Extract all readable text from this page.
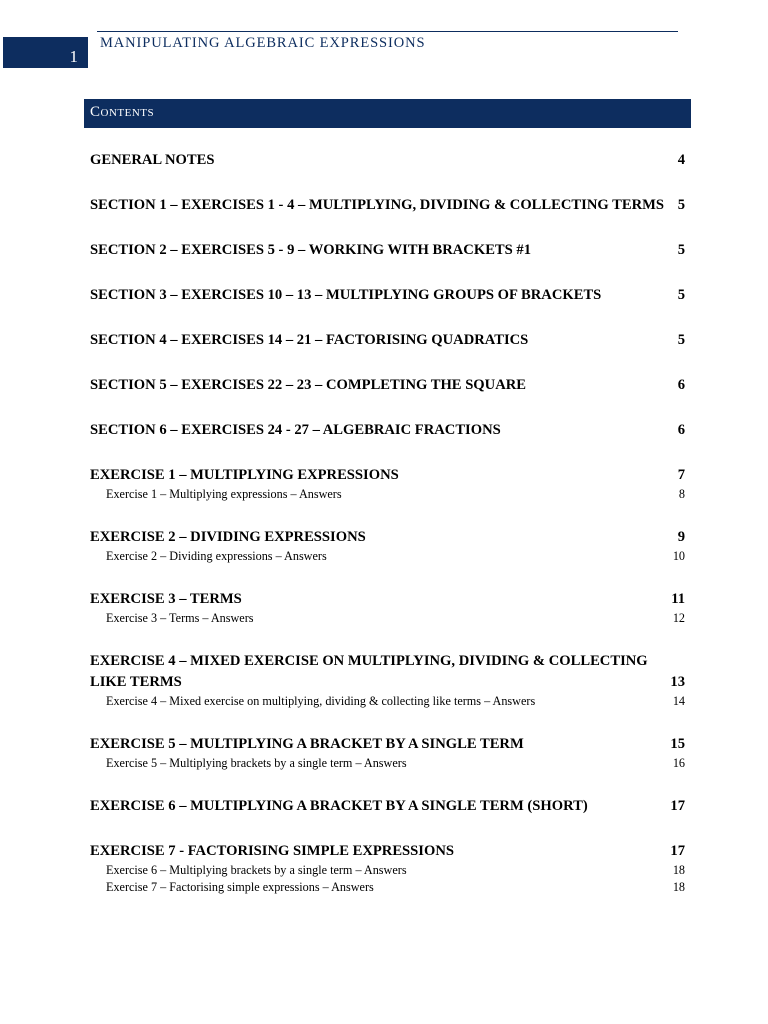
1
MANIPULATING ALGEBRAIC EXPRESSIONS
Contents
GENERAL NOTES	4
SECTION 1 – EXERCISES 1 - 4 – MULTIPLYING, DIVIDING & COLLECTING TERMS 5
SECTION 2 – EXERCISES 5 - 9 – WORKING WITH BRACKETS #1	5
SECTION 3 – EXERCISES 10 – 13 – MULTIPLYING GROUPS OF BRACKETS	5
SECTION 4 – EXERCISES 14 – 21 – FACTORISING QUADRATICS	5
SECTION 5 – EXERCISES 22 – 23 – COMPLETING THE SQUARE	6
SECTION 6 – EXERCISES 24 - 27 – ALGEBRAIC FRACTIONS	6
EXERCISE 1 – MULTIPLYING EXPRESSIONS	7
Exercise 1 – Multiplying expressions – Answers	8
EXERCISE 2 – DIVIDING EXPRESSIONS	9
Exercise 2 – Dividing expressions – Answers	10
EXERCISE 3 – TERMS	11
Exercise 3 – Terms – Answers	12
EXERCISE 4 – MIXED EXERCISE ON MULTIPLYING, DIVIDING & COLLECTING LIKE TERMS	13
Exercise 4 – Mixed exercise on multiplying, dividing & collecting like terms – Answers	14
EXERCISE 5 – MULTIPLYING A BRACKET BY A SINGLE TERM	15
Exercise 5 – Multiplying brackets by a single term – Answers	16
EXERCISE 6 – MULTIPLYING A BRACKET BY A SINGLE TERM (SHORT)	17
EXERCISE 7 - FACTORISING SIMPLE EXPRESSIONS	17
Exercise 6 – Multiplying brackets by a single term – Answers	18
Exercise 7 – Factorising simple expressions – Answers	18
